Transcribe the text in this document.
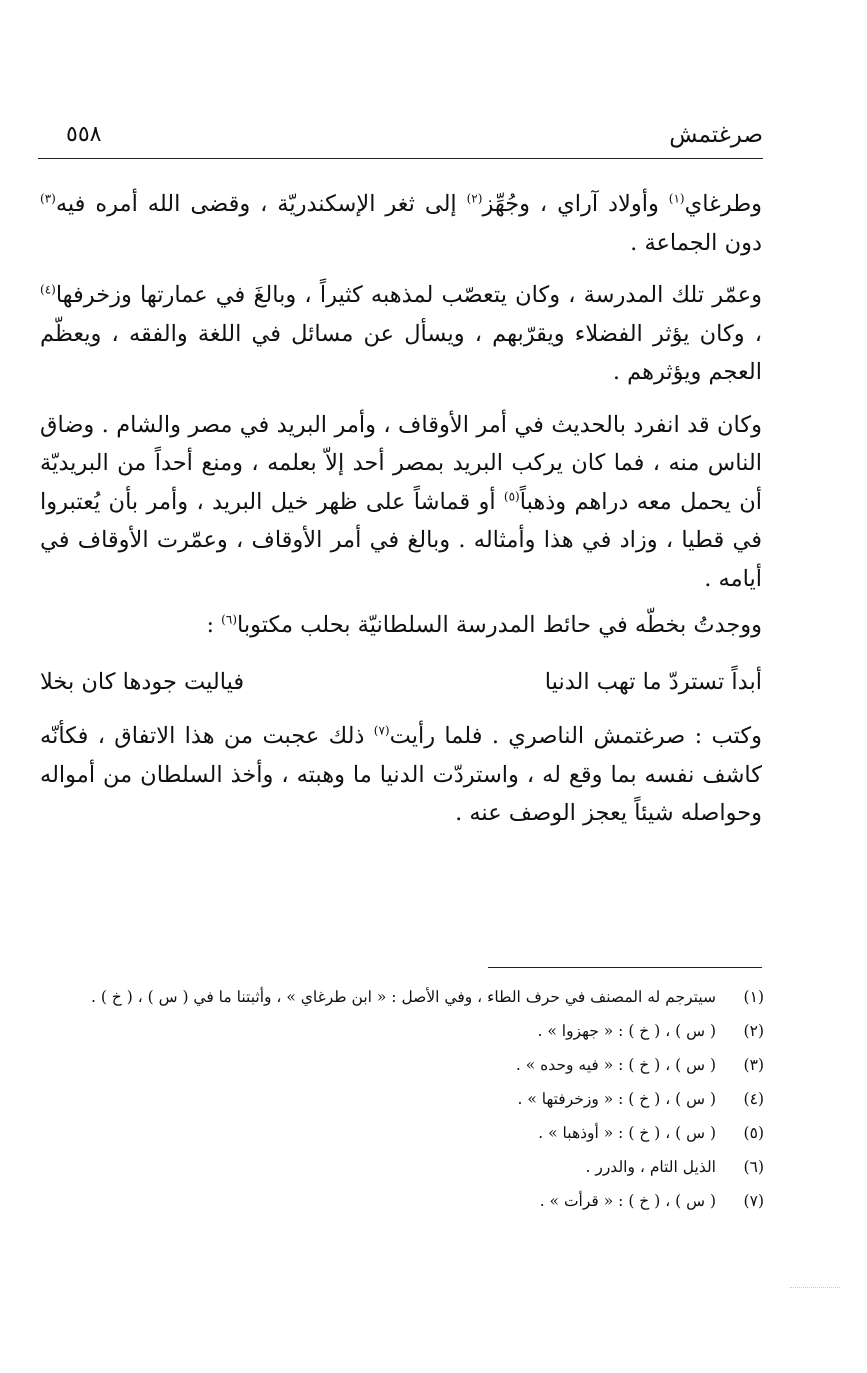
صرغتمش
٥٥٨

وطرغاي$^{(١)}$ وأولاد آراي ، وجُهِّز$^{(٢)}$ إلى ثغر الإسكندريّة ، وقضى الله أمره فيه$^{(٣)}$ دون الجماعة .

وعمّر تلك المدرسة ، وكان يتعصّب لمذهبه كثيراً ، وبالغَ في عمارتها وزخرفها$^{(٤)}$ ، وكان يؤثر الفضلاء ويقرّبهم ، ويسأل عن مسائل في اللغة والفقه ، ويعظّم العجم ويؤثرهم .

وكان قد انفرد بالحديث في أمر الأوقاف ، وأمر البريد في مصر والشام . وضاق الناس منه ، فما كان يركب البريد بمصر أحد إلاّ بعلمه ، ومنع أحداً من البريديّة أن يحمل معه دراهم وذهباً$^{(٥)}$ أو قماشاً على ظهر خيل البريد ، وأمر بأن يُعتبروا في قطيا ، وزاد في هذا وأمثاله . وبالغ في أمر الأوقاف ، وعمّرت الأوقاف في أيامه .

ووجدتُ بخطّه في حائط المدرسة السلطانيّة بحلب مكتوبا$^{(٦)}$ :

أبداً تستردّ ما تهب الدنيا
فياليت جودها كان بخلا

وكتب : صرغتمش الناصري . فلما رأيت$^{(٧)}$ ذلك عجبت من هذا الاتفاق ، فكأنّه كاشف نفسه بما وقع له ، واستردّت الدنيا ما وهبته ، وأخذ السلطان من أمواله وحواصله شيئاً يعجز الوصف عنه .

(١)
سيترجم له المصنف في حرف الطاء ، وفي الأصل : « ابن طرغاي » ، وأثبتنا ما في ( س ) ، ( خ ) .
(٢)
( س ) ، ( خ ) : « جهزوا » .
(٣)
( س ) ، ( خ ) : « فيه وحده » .
(٤)
( س ) ، ( خ ) : « وزخرفتها » .
(٥)
( س ) ، ( خ ) : « أوذهبا » .
(٦)
الذيل التام ، والدرر .
(٧)
( س ) ، ( خ ) : « قرأت » .
